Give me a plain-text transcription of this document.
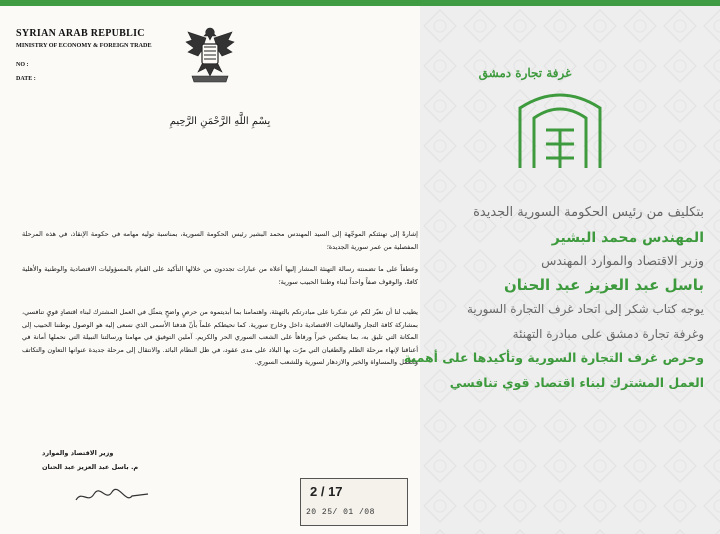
SYRIAN ARAB REPUBLIC
MINISTRY OF ECONOMY & FOREIGN TRADE
NO :
DATE :
بِسْمِ اللَّهِ الرَّحْمَنِ الرَّحِيمِ
إشارةً إلى تهنئتكم الموجّهة إلى السيد المهندس محمد البشير رئيس الحكومة السورية، بمناسبة توليه مهامه في حكومة الإنقاذ، في هذه المرحلة المفصلية من عمر سورية الجديدة؛
وعطفاً على ما تضمنته رسالة التهنئة المشار إليها أعلاه من عبارات تجددون من خلالها التأكيد على القيام بالمسؤوليات الاقتصادية والوطنية والأهلية كافةً، والوقوف صفاً واحداً لبناء وطننا الحبيب سورية؛
يطيب لنا أن نعبّر لكم عن شكرنا على مبادرتكم بالتهنئة، واهتمامنا بما أبديتموه من حرصٍ واضحٍ يتمثّل في العمل المشترك لبناء اقتصادٍ قويٍ تنافسي، بمشاركة كافة التجار والفعاليات الاقتصادية داخل وخارج سورية. كما نحيطكم علماً بأنّ هدفنا الأسمى الذي نسعى إليه هو الوصول بوطننا الحبيب إلى المكانة التي تليق به، بما ينعكس خيراً ورفاهاً على الشعب السوري الحر والكريم. آملين التوفيق في مهامنا ورسالتنا النبيلة التي نحملها أمانة في أعناقنا لإنهاء مرحلة الظلم والطغيان التي مرّت بها البلاد على مدى عقود، في ظل النظام البائد. والانتقال إلى مرحلة جديدة عنوانها التعاون والتكاتف والعمل والمساواة والخير والازدهار لسورية وللشعب السوري.
وزير الاقتصاد والموارد
م. باسل عبد العزيز عبد الحنان
2 / 17
20 25/ 01 /08
غرفة تجارة دمشق
بتكليف من رئيس الحكومة السورية الجديدة
المهندس محمد البشير
وزير الاقتصاد والموارد المهندس
باسل عبد العزيز عبد الحنان
يوجه كتاب شكر إلى اتحاد غرف التجارة السورية
وغرفة تجارة دمشق على مبادرة التهنئة
وحرص غرف التجارة السورية وتأكيدها على أهمية
العمل المشترك لبناء اقتصاد قوي تنافسي
